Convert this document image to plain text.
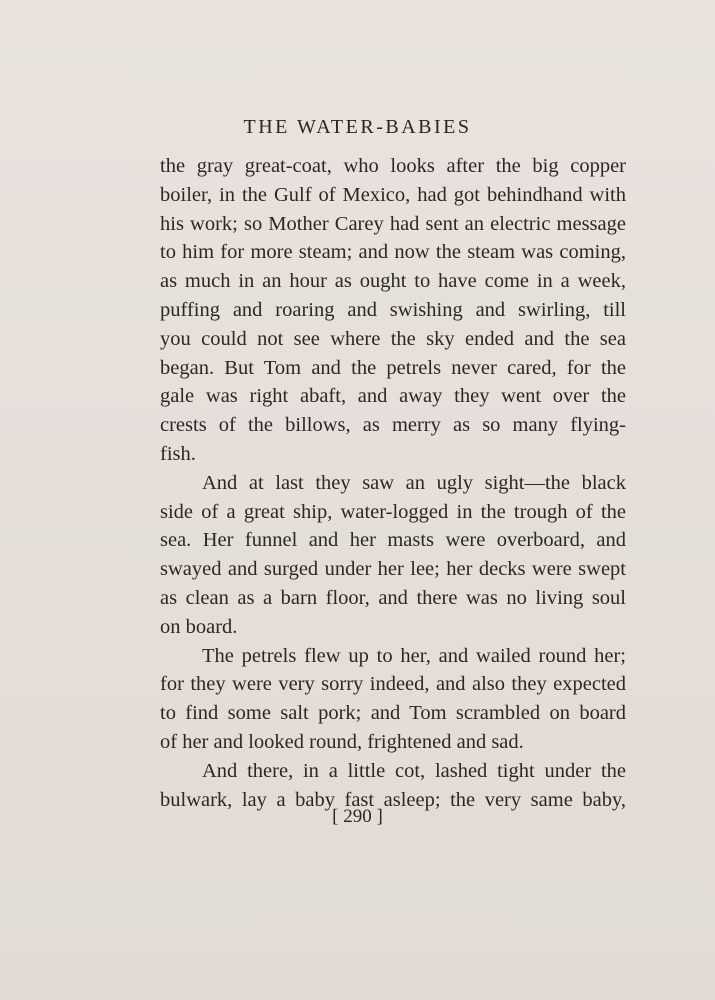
THE WATER-BABIES
the gray great-coat, who looks after the big copper
boiler, in the Gulf of Mexico, had got behindhand with
his work; so Mother Carey had sent an electric message
to him for more steam; and now the steam was coming,
as much in an hour as ought to have come in a week,
puffing and roaring and swishing and swirling, till
you could not see where the sky ended and the sea
began. But Tom and the petrels never cared, for the
gale was right abaft, and away they went over the
crests of the billows, as merry as so many flying-
fish.
And at last they saw an ugly sight—the black
side of a great ship, water-logged in the trough of the
sea. Her funnel and her masts were overboard, and
swayed and surged under her lee; her decks were swept
as clean as a barn floor, and there was no living soul
on board.
The petrels flew up to her, and wailed round her;
for they were very sorry indeed, and also they expected
to find some salt pork; and Tom scrambled on board
of her and looked round, frightened and sad.
And there, in a little cot, lashed tight under the
bulwark, lay a baby fast asleep; the very same baby,
[ 290 ]
